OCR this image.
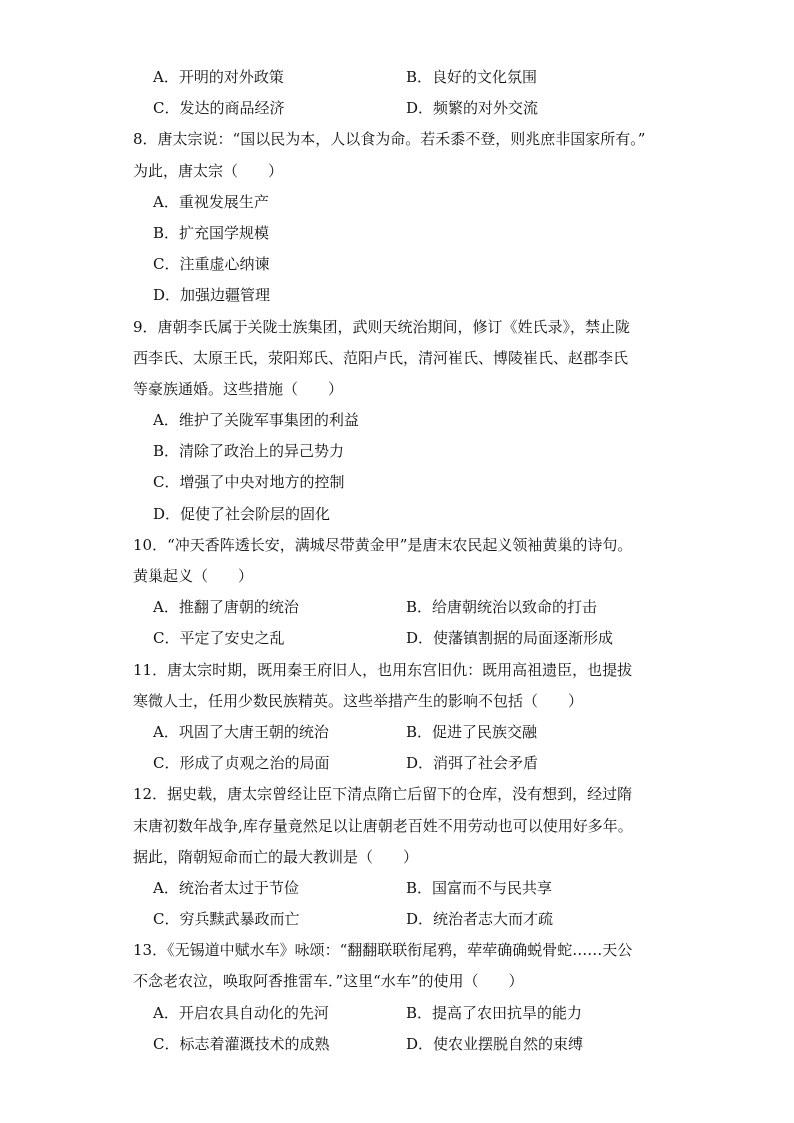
A．开明的对外政策	B．良好的文化氛围
C．发达的商品经济	D．频繁的对外交流
8．唐太宗说：“国以民为本，人以食为命。若禾黍不登，则兆庶非国家所有。”
为此，唐太宗（　　）
A．重视发展生产
B．扩充国学规模
C．注重虚心纳谏
D．加强边疆管理
9．唐朝李氏属于关陇士族集团，武则天统治期间，修订《姓氏录》，禁止陇
西李氏、太原王氏，荥阳郑氏、范阳卢氏，清河崔氏、博陵崔氏、赵郡李氏
等豪族通婚。这些措施（　　）
A．维护了关陇军事集团的利益
B．清除了政治上的异己势力
C．增强了中央对地方的控制
D．促使了社会阶层的固化
10．“冲天香阵透长安，满城尽带黄金甲”是唐末农民起义领袖黄巢的诗句。
黄巢起义（　　）
A．推翻了唐朝的统治	B．给唐朝统治以致命的打击
C．平定了安史之乱	D．使藩镇割据的局面逐渐形成
11．唐太宗时期，既用秦王府旧人，也用东宫旧仇：既用高祖遗臣，也提拔
寒微人士，任用少数民族精英。这些举措产生的影响不包括（　　）
A．巩固了大唐王朝的统治	B．促进了民族交融
C．形成了贞观之治的局面	D．消弭了社会矛盾
12．据史载，唐太宗曾经让臣下清点隋亡后留下的仓库，没有想到，经过隋
末唐初数年战争,库存量竟然足以让唐朝老百姓不用劳动也可以使用好多年。
据此，隋朝短命而亡的最大教训是（　　）
A．统治者太过于节俭	B．国富而不与民共享
C．穷兵黩武暴政而亡	D．统治者志大而才疏
13．《无锡道中赋水车》咏颂：“翻翻联联衔尾鸦，荦荦确确蜕骨蛇……天公
不念老农泣，唤取阿香推雷车．”这里“水车”的使用（　　）
A．开启农具自动化的先河	B．提高了农田抗旱的能力
C．标志着灌溉技术的成熟	D．使农业摆脱自然的束缚
